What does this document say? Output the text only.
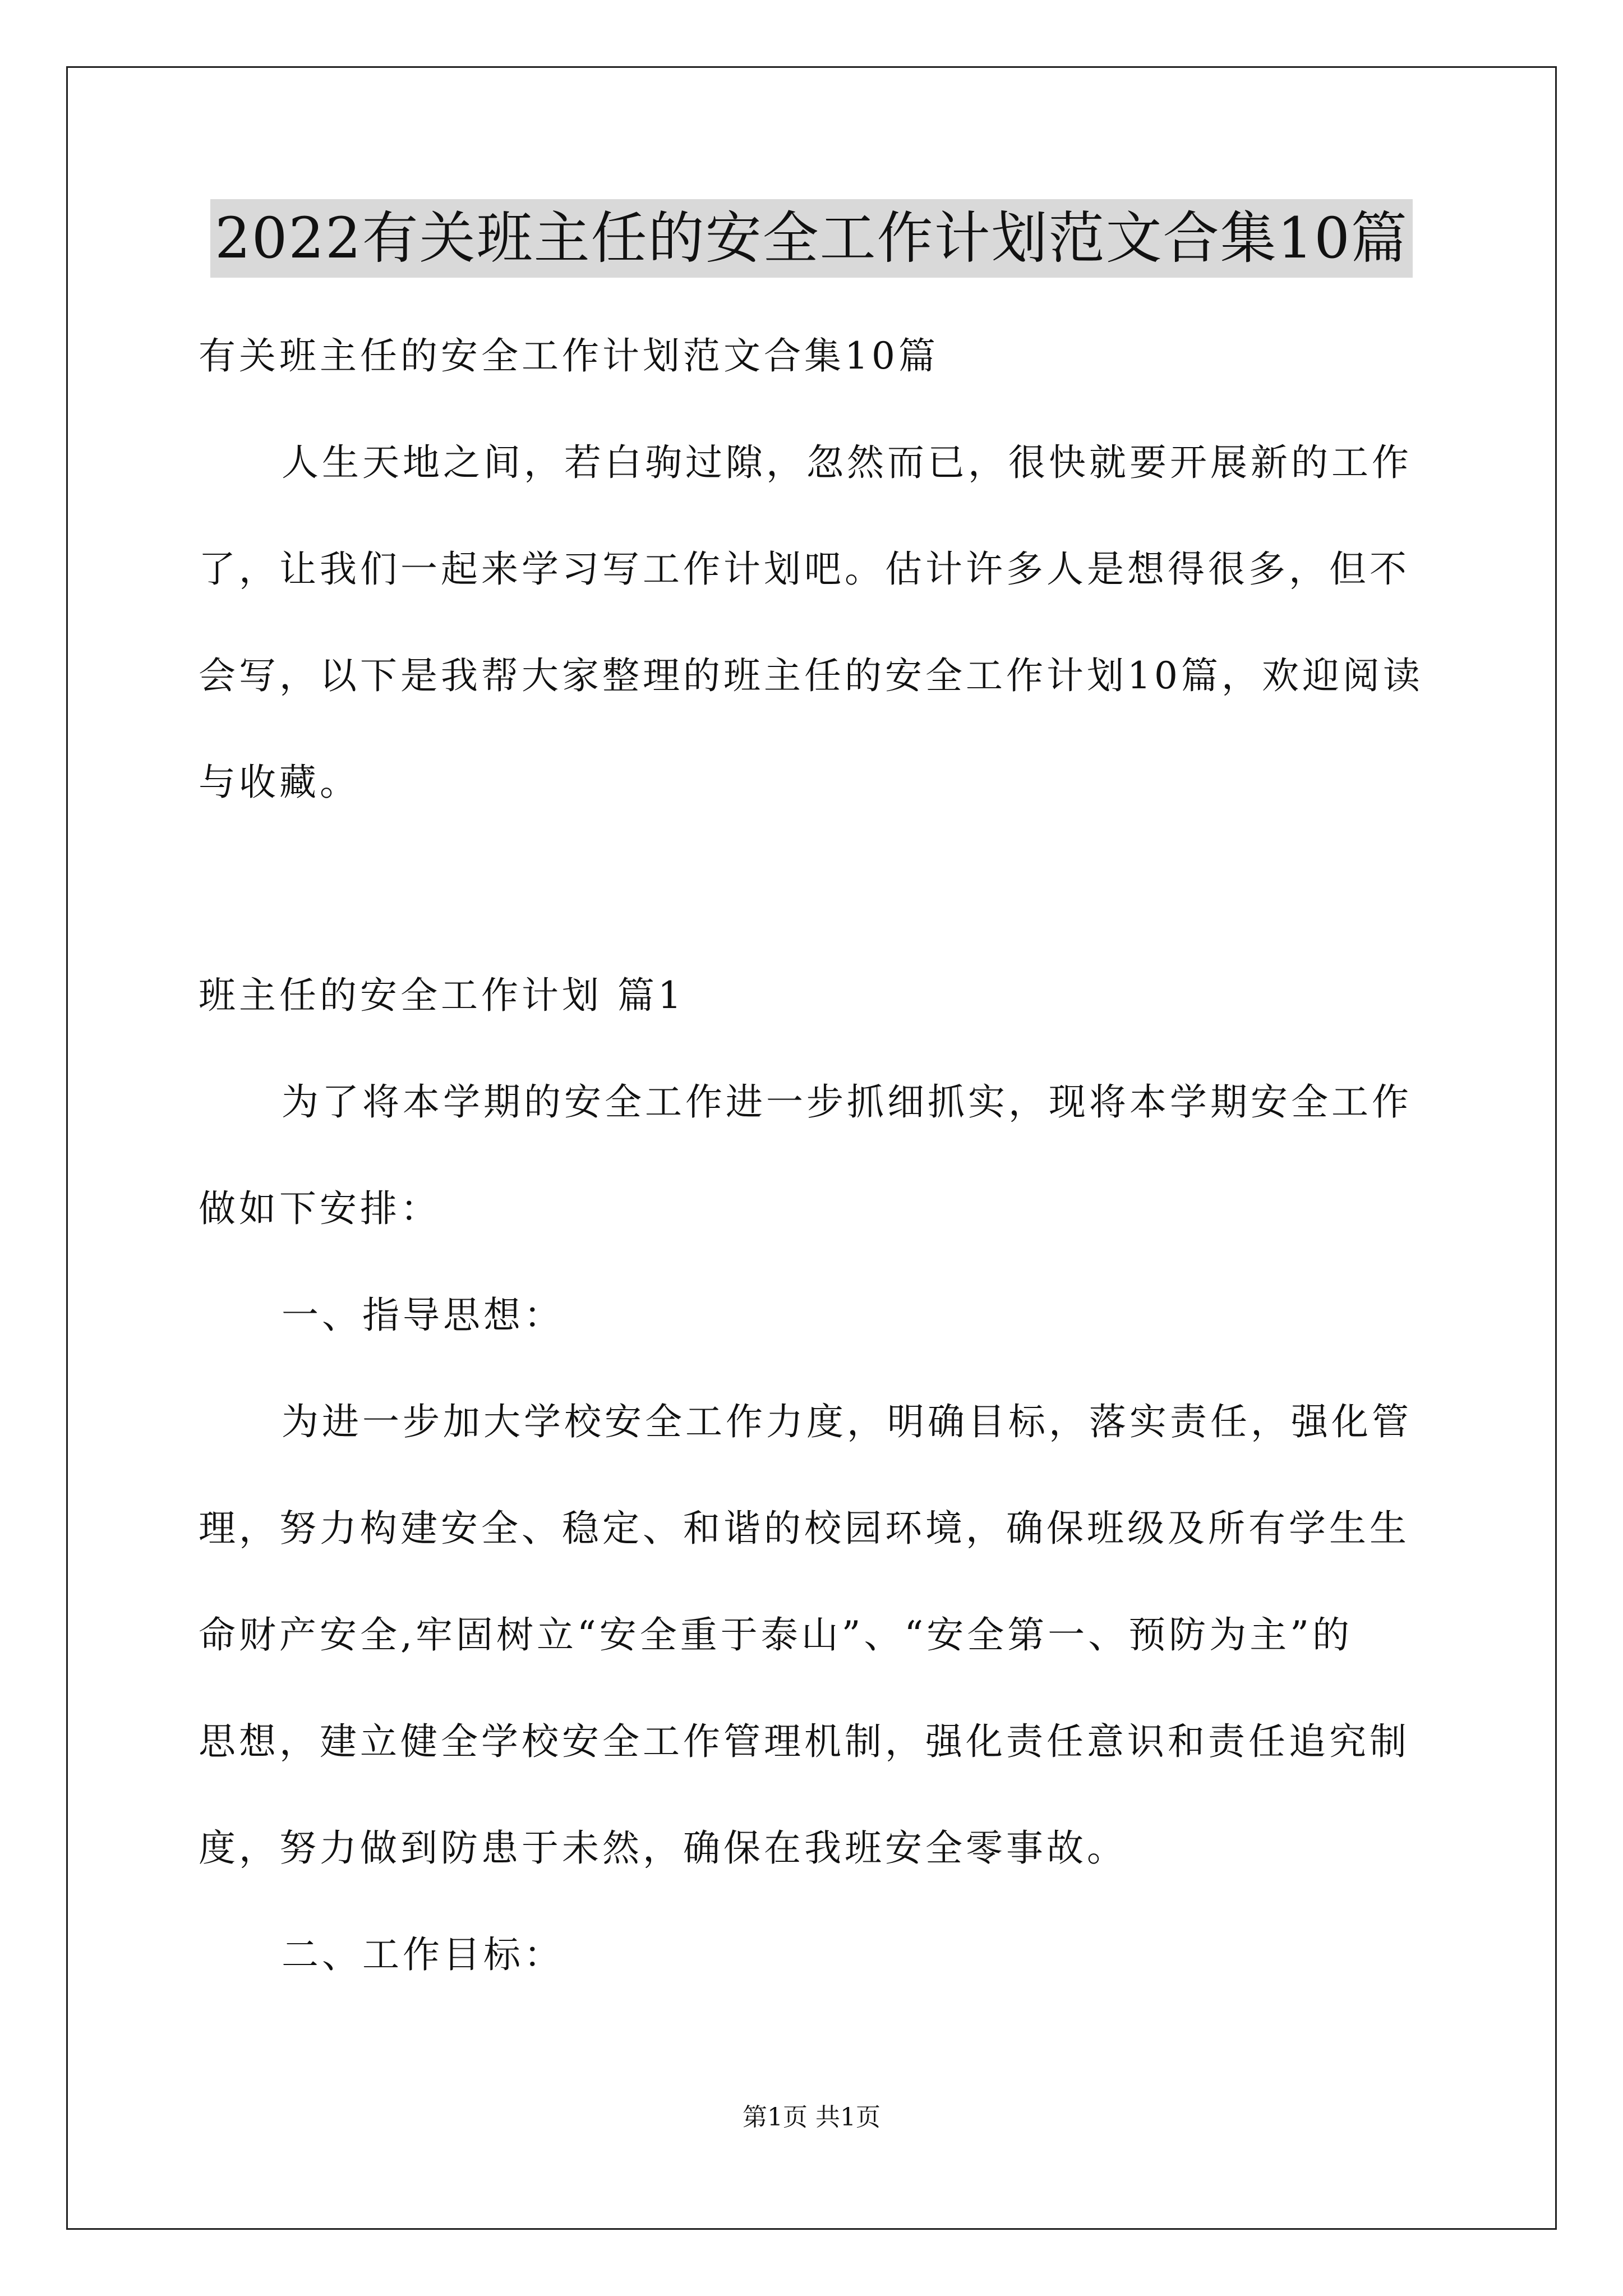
2022有关班主任的安全工作计划范文合集10篇
有关班主任的安全工作计划范文合集10篇
人生天地之间，若白驹过隙，忽然而已，很快就要开展新的工作
了，让我们一起来学习写工作计划吧。估计许多人是想得很多，但不
会写，以下是我帮大家整理的班主任的安全工作计划10篇，欢迎阅读
与收藏。
班主任的安全工作计划 篇1
为了将本学期的安全工作进一步抓细抓实，现将本学期安全工作
做如下安排：
一、指导思想：
为进一步加大学校安全工作力度，明确目标，落实责任，强化管
理，努力构建安全、稳定、和谐的校园环境，确保班级及所有学生生
命财产安全,牢固树立“安全重于泰山”、“安全第一、预防为主”的
思想，建立健全学校安全工作管理机制，强化责任意识和责任追究制
度，努力做到防患于未然，确保在我班安全零事故。
二、工作目标：
第1页 共1页
